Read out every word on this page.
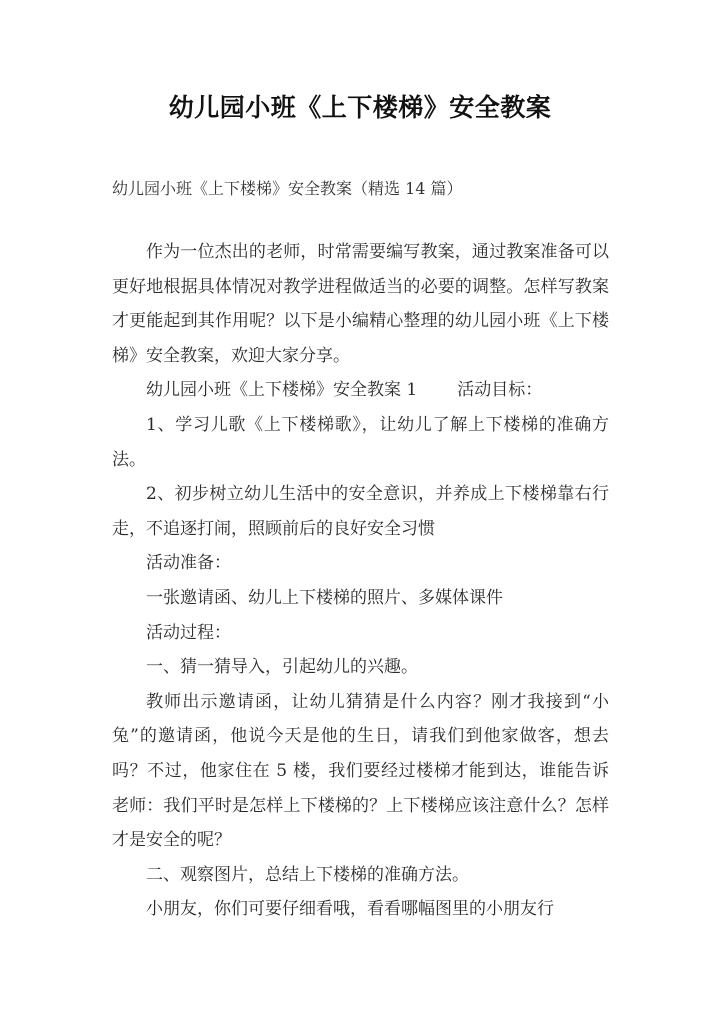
幼儿园小班《上下楼梯》安全教案
幼儿园小班《上下楼梯》安全教案（精选 14 篇）

作为一位杰出的老师，时常需要编写教案，通过教案准备可以更好地根据具体情况对教学进程做适当的必要的调整。怎样写教案才更能起到其作用呢？以下是小编精心整理的幼儿园小班《上下楼梯》安全教案，欢迎大家分享。

幼儿园小班《上下楼梯》安全教案 1 活动目标：

1、学习儿歌《上下楼梯歌》，让幼儿了解上下楼梯的准确方法。

2、初步树立幼儿生活中的安全意识，并养成上下楼梯靠右行走，不追逐打闹，照顾前后的良好安全习惯

活动准备：

一张邀请函、幼儿上下楼梯的照片、多媒体课件

活动过程：

一、猜一猜导入，引起幼儿的兴趣。

教师出示邀请函，让幼儿猜猜是什么内容？刚才我接到“小兔”的邀请函，他说今天是他的生日，请我们到他家做客，想去吗？不过，他家住在 5 楼，我们要经过楼梯才能到达，谁能告诉老师：我们平时是怎样上下楼梯的？上下楼梯应该注意什么？怎样才是安全的呢？

二、观察图片，总结上下楼梯的准确方法。

小朋友，你们可要仔细看哦，看看哪幅图里的小朋友行
